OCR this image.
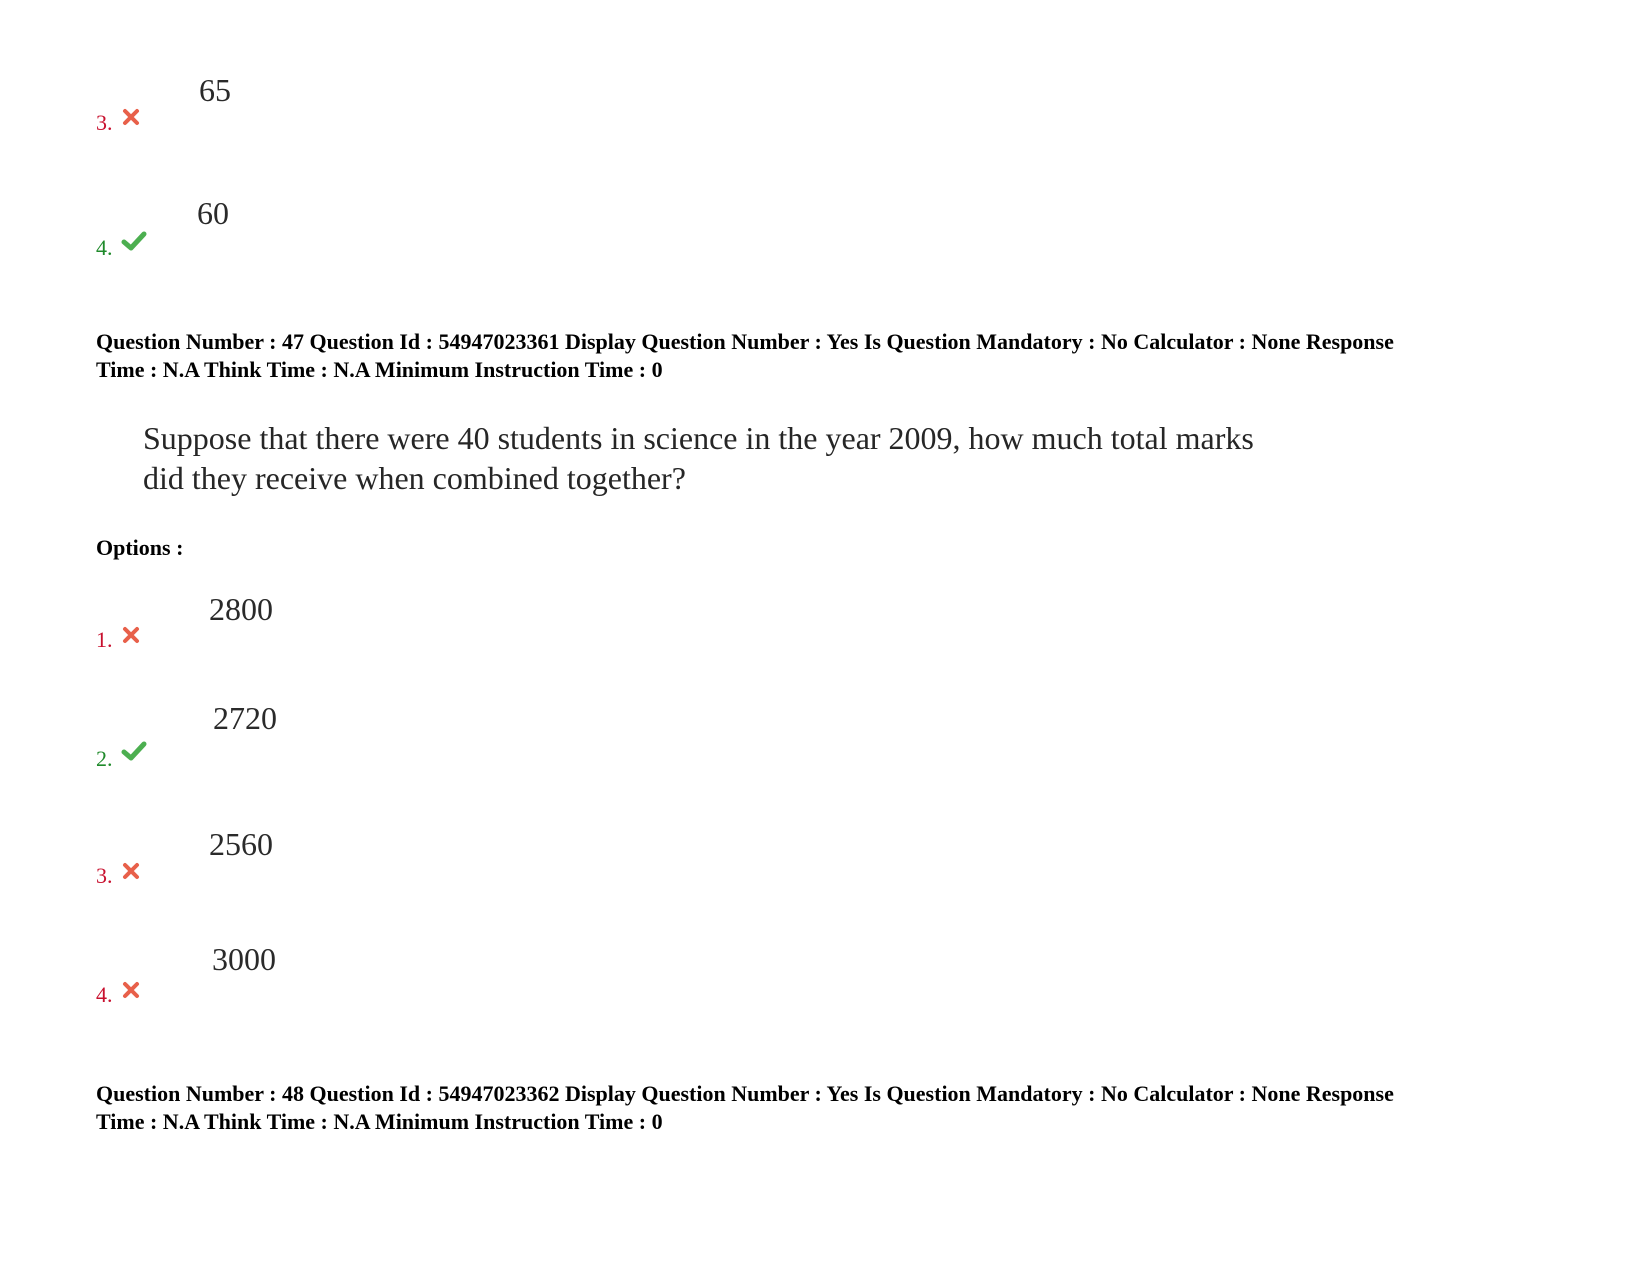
65
3.
60
4.
Question Number : 47 Question Id : 54947023361 Display Question Number : Yes Is Question Mandatory : No Calculator : None Response
Time : N.A Think Time : N.A Minimum Instruction Time : 0
Suppose that there were 40 students in science in the year 2009, how much total marks
did they receive when combined together?
Options :
2800
1.
2720
2.
2560
3.
3000
4.
Question Number : 48 Question Id : 54947023362 Display Question Number : Yes Is Question Mandatory : No Calculator : None Response
Time : N.A Think Time : N.A Minimum Instruction Time : 0
